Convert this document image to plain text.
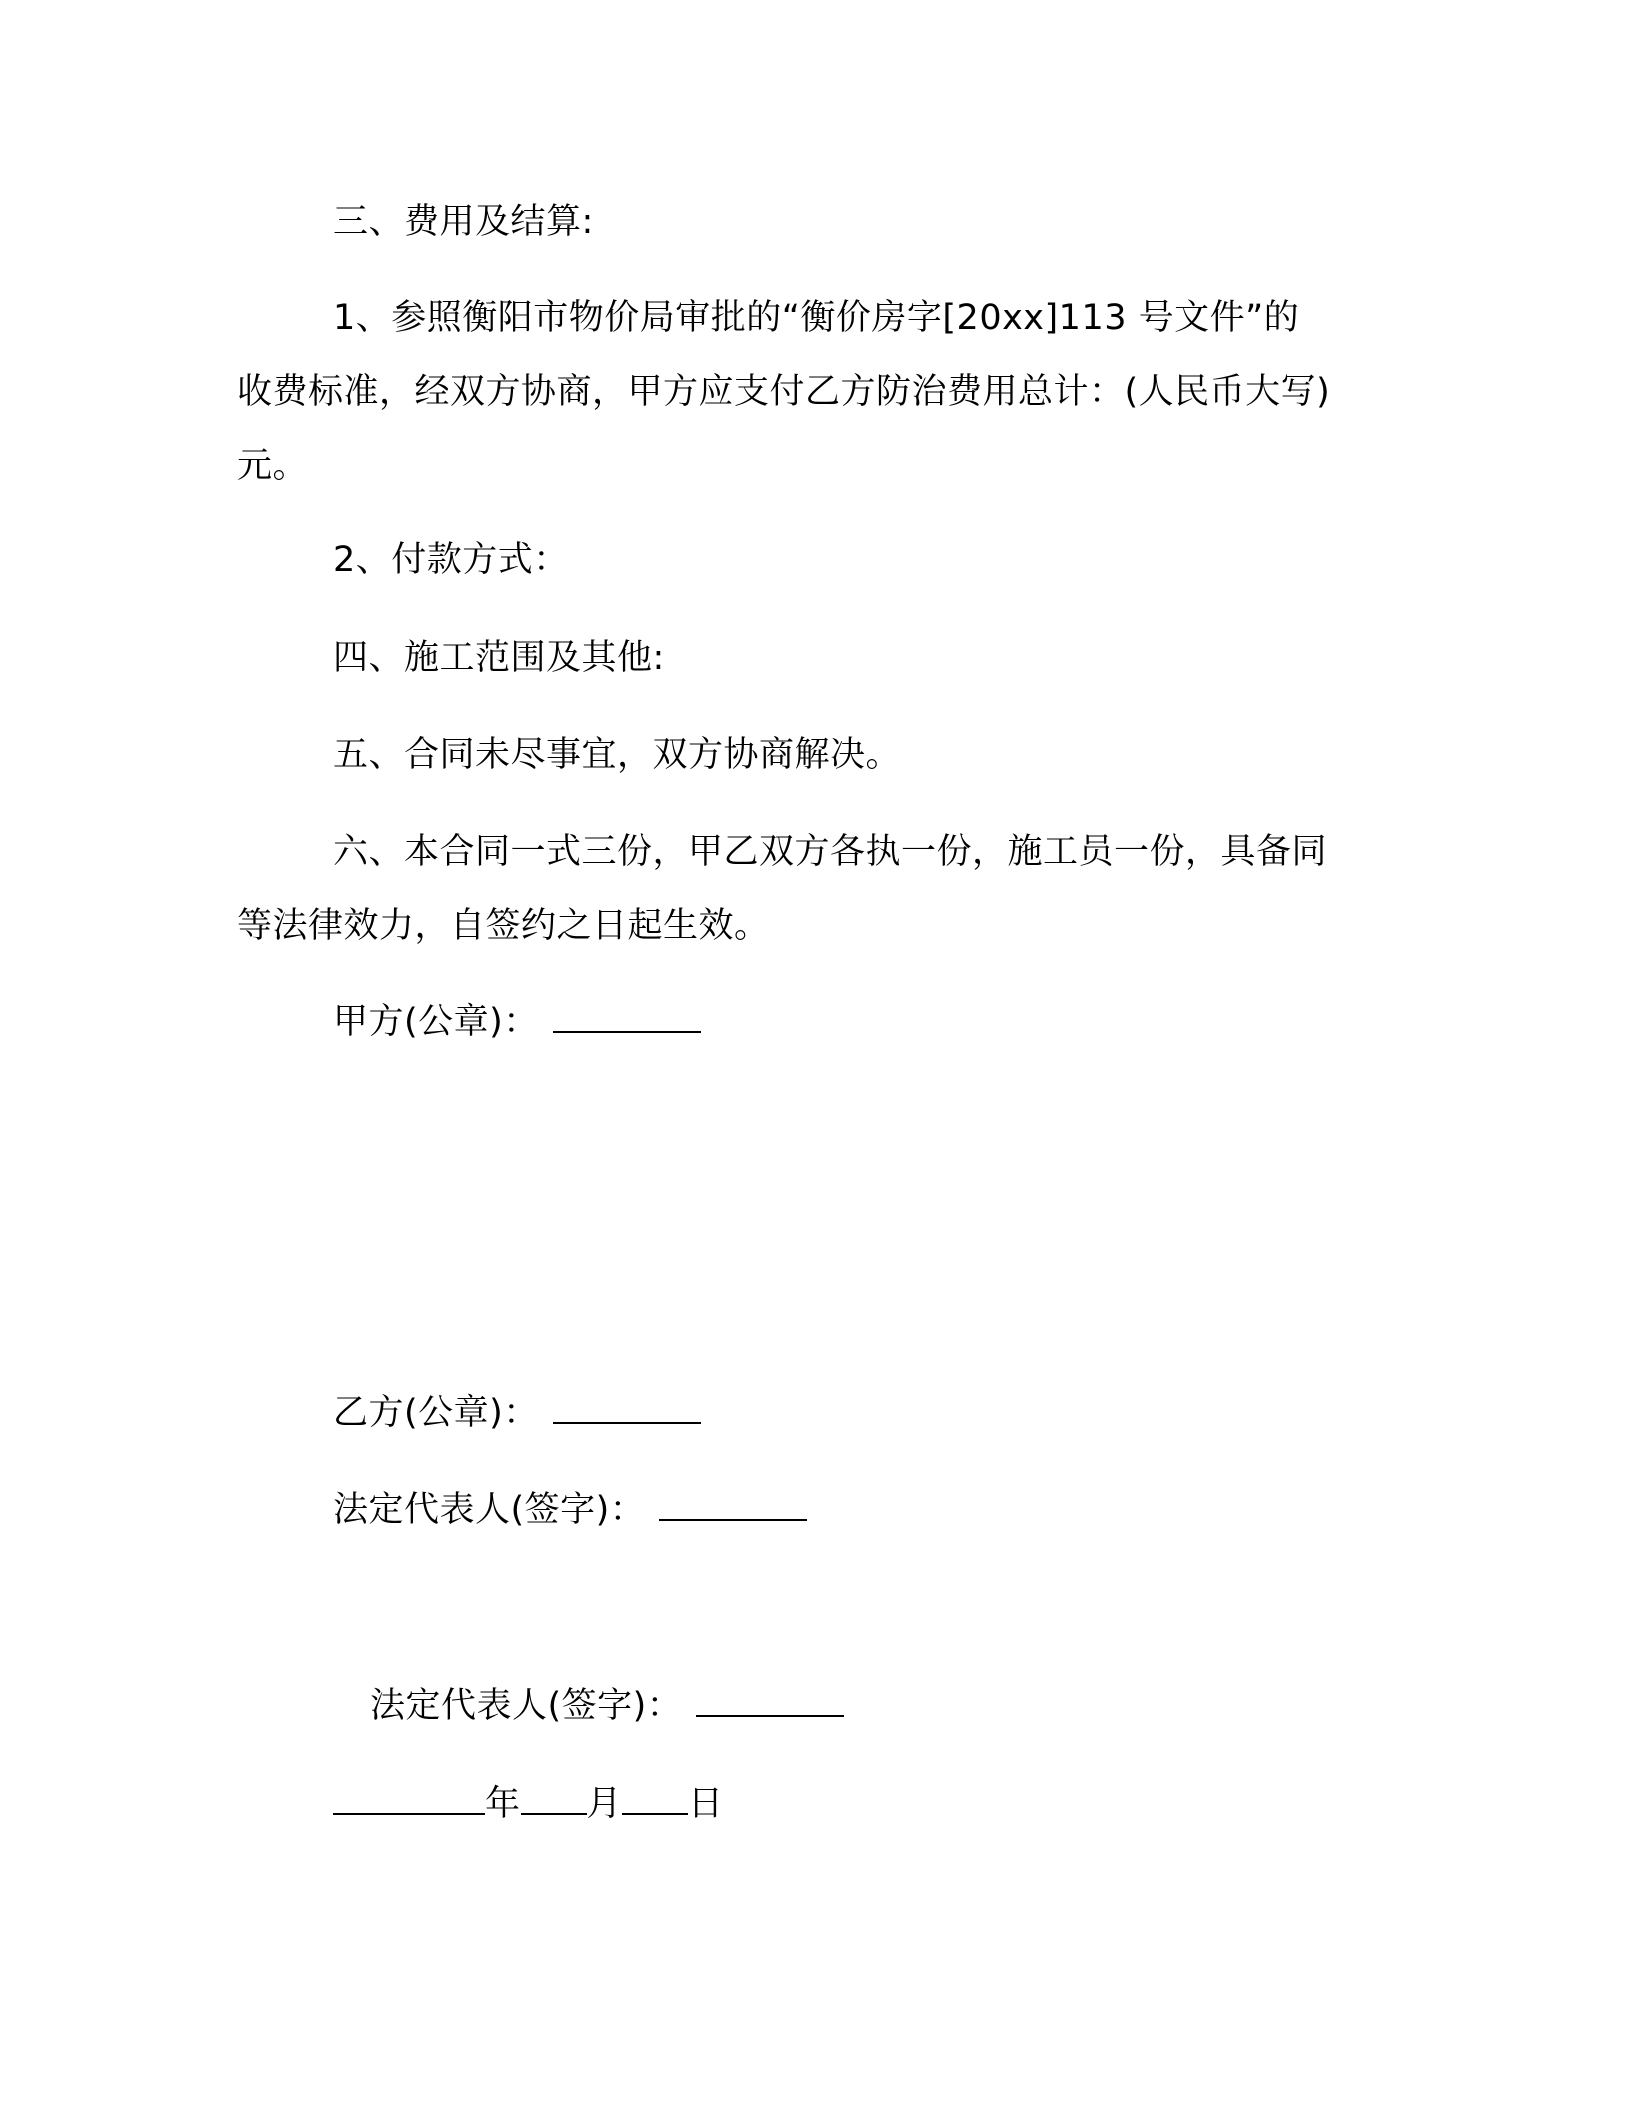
三、费用及结算:
1、参照衡阳市物价局审批的“衡价房字[20xx]113 号文件”的
收费标准，经双方协商，甲方应支付乙方防治费用总计：(人民币大写)
元。
2、付款方式：
四、施工范围及其他:
五、合同未尽事宜，双方协商解决。
六、本合同一式三份，甲乙双方各执一份，施工员一份，具备同
等法律效力，自签约之日起生效。
甲方(公章)：
乙方(公章)：
法定代表人(签字)：
法定代表人(签字)：
年 月 日
